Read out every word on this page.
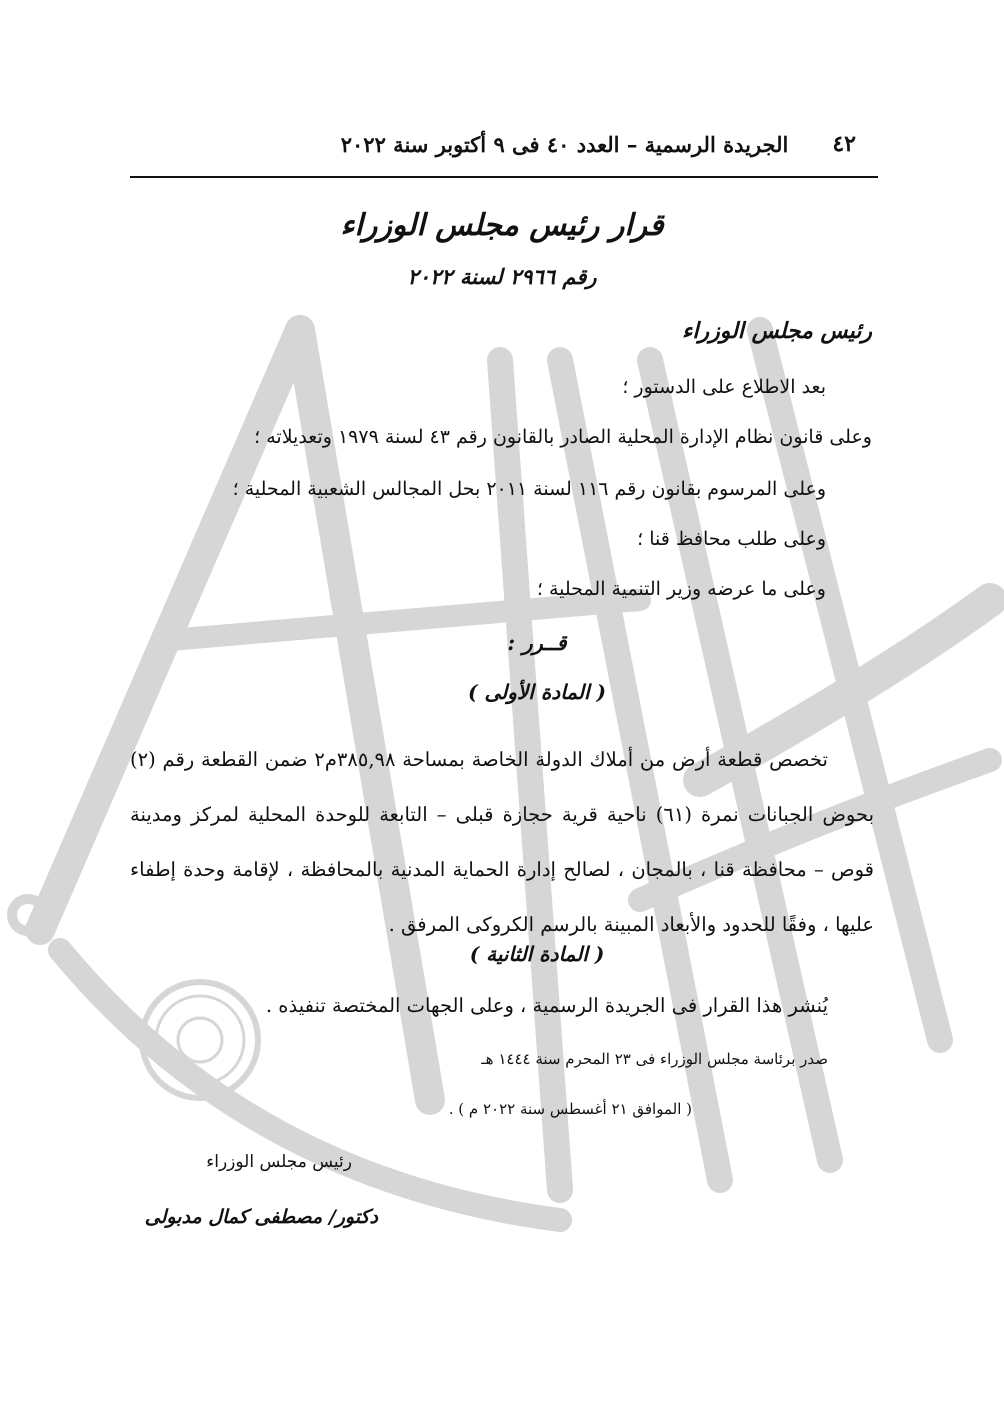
٤٢
الجريدة الرسمية – العدد ٤٠ فى ٩ أكتوبر سنة ٢٠٢٢
قرار رئيس مجلس الوزراء
رقم ٢٩٦٦ لسنة ٢٠٢٢
رئيس مجلس الوزراء
بعد الاطلاع على الدستور ؛
وعلى قانون نظام الإدارة المحلية الصادر بالقانون رقم ٤٣ لسنة ١٩٧٩ وتعديلاته ؛
وعلى المرسوم بقانون رقم ١١٦ لسنة ٢٠١١ بحل المجالس الشعبية المحلية ؛
وعلى طلب محافظ قنا ؛
وعلى ما عرضه وزير التنمية المحلية ؛
قــرر :
( المادة الأولى )
تخصص قطعة أرض من أملاك الدولة الخاصة بمساحة ٣٨٥,٩٨م٢ ضمن القطعة رقم (٢) بحوض الجبانات نمرة (٦١) ناحية قرية حجازة قبلى – التابعة للوحدة المحلية لمركز ومدينة قوص – محافظة قنا ، بالمجان ، لصالح إدارة الحماية المدنية بالمحافظة ، لإقامة وحدة إطفاء عليها ، وفقًا للحدود والأبعاد المبينة بالرسم الكروكى المرفق .
( المادة الثانية )
يُنشر هذا القرار فى الجريدة الرسمية ، وعلى الجهات المختصة تنفيذه .
صدر برئاسة مجلس الوزراء فى ٢٣ المحرم سنة ١٤٤٤ هـ
( الموافق ٢١ أغسطس سنة ٢٠٢٢ م ) .
رئيس مجلس الوزراء
دكتور/ مصطفى كمال مدبولى
